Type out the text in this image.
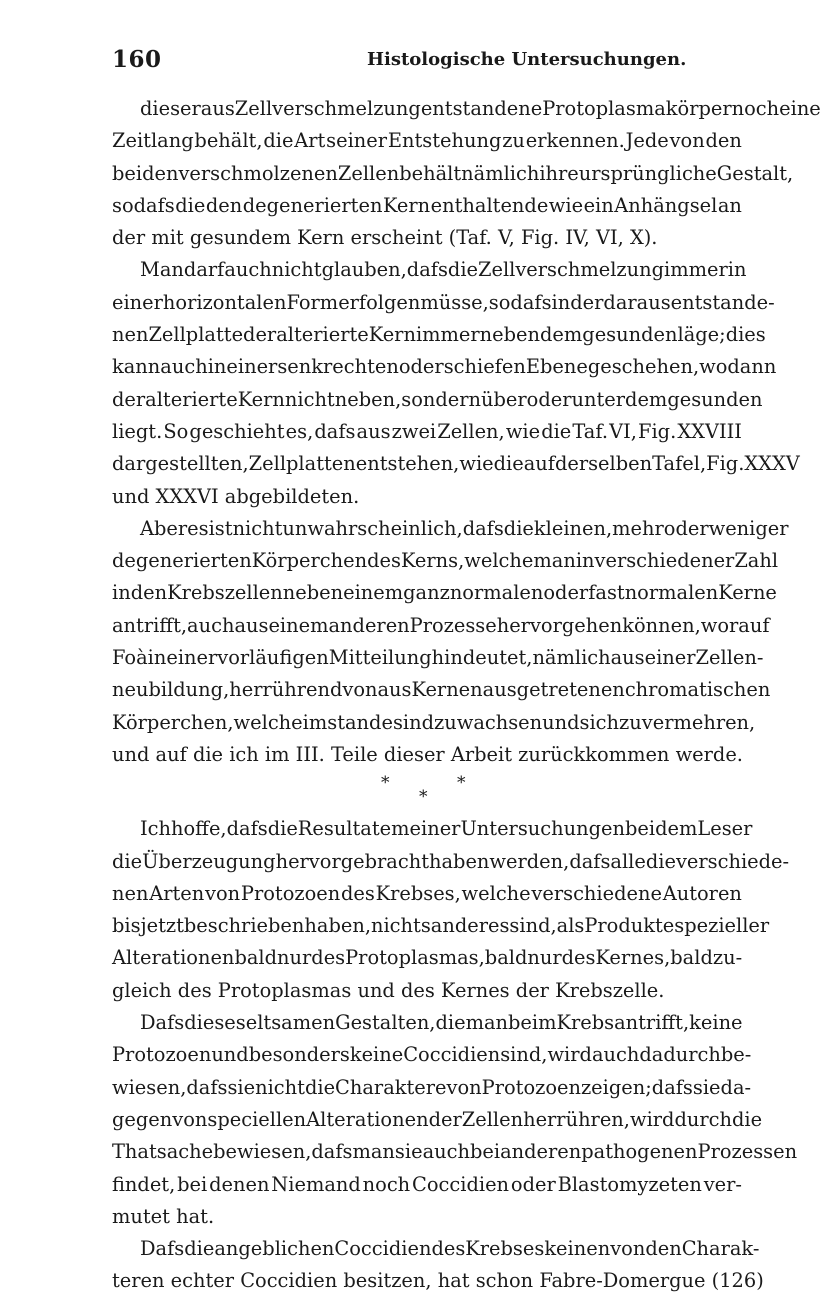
160	Histologische Untersuchungen.
dieser aus Zellverschmelzung entstandene Protoplasmakörper noch eine
Zeitlang behält, die Art seiner Entstehung zu erkennen. Jede von den
beiden verschmolzenen Zellen behält nämlich ihre ursprüngliche Gestalt,
sodafs die den degenerierten Kern enthaltende wie ein Anhängsel an
der mit gesundem Kern erscheint (Taf. V, Fig. IV, VI, X).
Man darf auch nicht glauben, dafs die Zellverschmelzung immer in
einer horizontalen Form erfolgen müsse, sodafs in der daraus entstande-
nen Zellplatte der alterierte Kern immer neben dem gesunden läge; dies
kann auch in einer senkrechten oder schiefen Ebene geschehen, wo dann
der alterierte Kern nicht neben, sondern über oder unter dem gesunden
liegt. So geschieht es, dafs aus zwei Zellen, wie die Taf. VI, Fig. XXVIII
dargestellten, Zellplatten entstehen, wie die auf derselben Tafel, Fig. XXXV
und XXXVI abgebildeten.
Aber es ist nicht unwahrscheinlich, dafs die kleinen, mehr oder weniger
degenerierten Körperchen des Kerns, welche man in verschiedener Zahl
in den Krebszellen neben einem ganz normalen oder fast normalen Kerne
antrifft, auch aus einem anderen Prozesse hervorgehen können, worauf
Foà in einer vorläufigen Mitteilung hindeutet, nämlich aus einer Zellen-
neubildung, herrührend von aus Kernen ausgetretenen chromatischen
Körperchen, welche im stande sind zu wachsen und sich zu vermehren,
und auf die ich im III. Teile dieser Arbeit zurückkommen werde.
*	*
*
Ich hoffe, dafs die Resultate meiner Untersuchungen bei dem Leser
die Überzeugung hervorgebracht haben werden, dafs alle die verschiede-
nen Arten von Protozoen des Krebses, welche verschiedene Autoren
bis jetzt beschrieben haben, nichts anderes sind, als Produkte spezieller
Alterationen bald nur des Protoplasmas, bald nur des Kernes, bald zu-
gleich des Protoplasmas und des Kernes der Krebszelle.
Dafs diese seltsamen Gestalten, die man beim Krebs antrifft, keine
Protozoen und besonders keine Coccidien sind, wird auch dadurch be-
wiesen, dafs sie nicht die Charaktere von Protozoen zeigen; dafs sie da-
gegen von speciellen Alterationen der Zellen herrühren, wird durch die
Thatsache bewiesen, dafs man sie auch bei anderen pathogenen Prozessen
findet, bei denen Niemand noch Coccidien oder Blastomyzeten ver-
mutet hat.
Dafs die angeblichen Coccidien des Krebses keinen von den Charak-
teren echter Coccidien besitzen, hat schon Fabre-Domergue (126)
